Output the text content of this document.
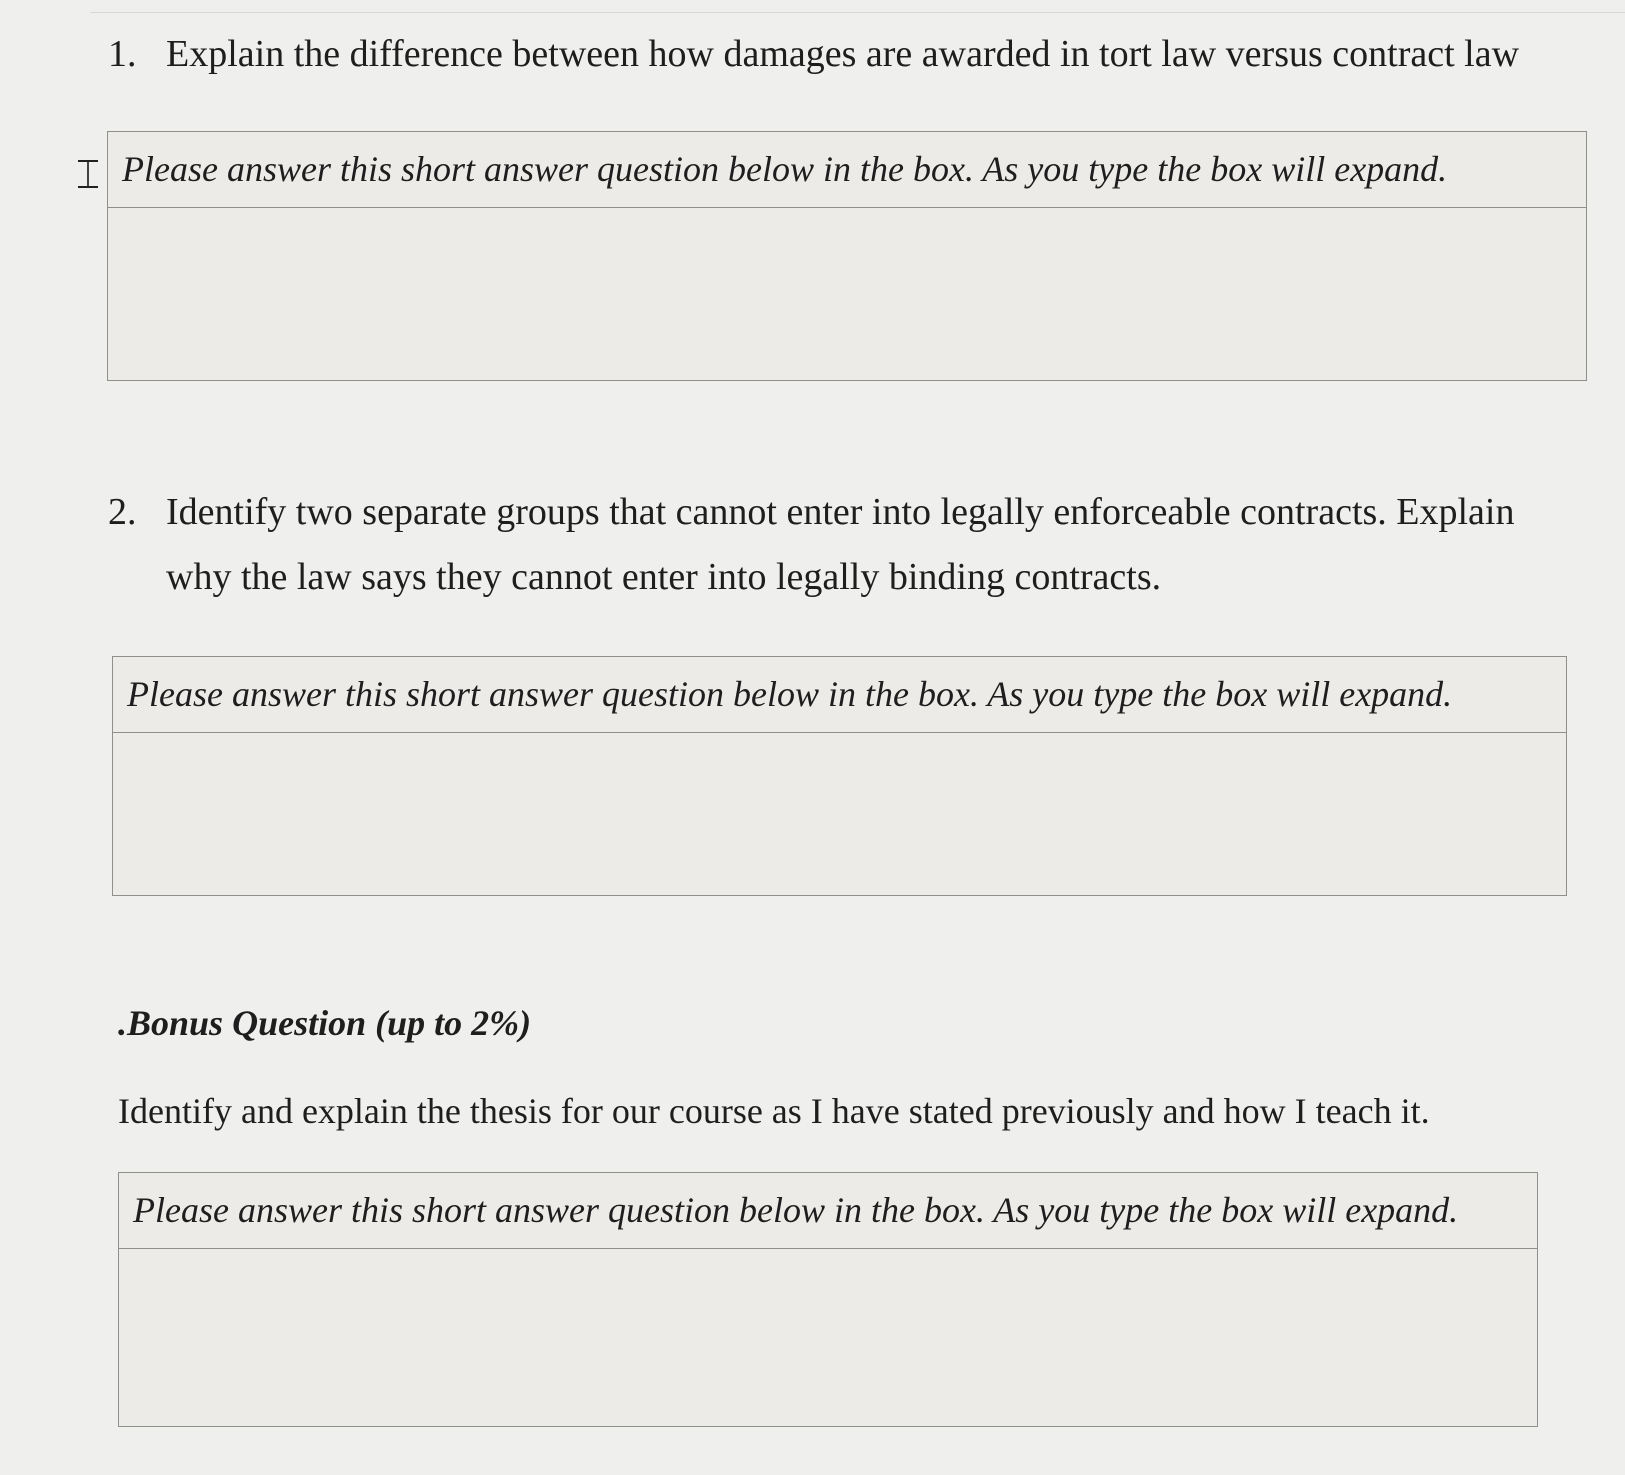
1. Explain the difference between how damages are awarded in tort law versus contract law
⌶ Please answer this short answer question below in the box. As you type the box will expand.
2. Identify two separate groups that cannot enter into legally enforceable contracts. Explain why the law says they cannot enter into legally binding contracts.
Please answer this short answer question below in the box. As you type the box will expand.
.Bonus Question (up to 2%)
Identify and explain the thesis for our course as I have stated previously and how I teach it.
Please answer this short answer question below in the box. As you type the box will expand.
